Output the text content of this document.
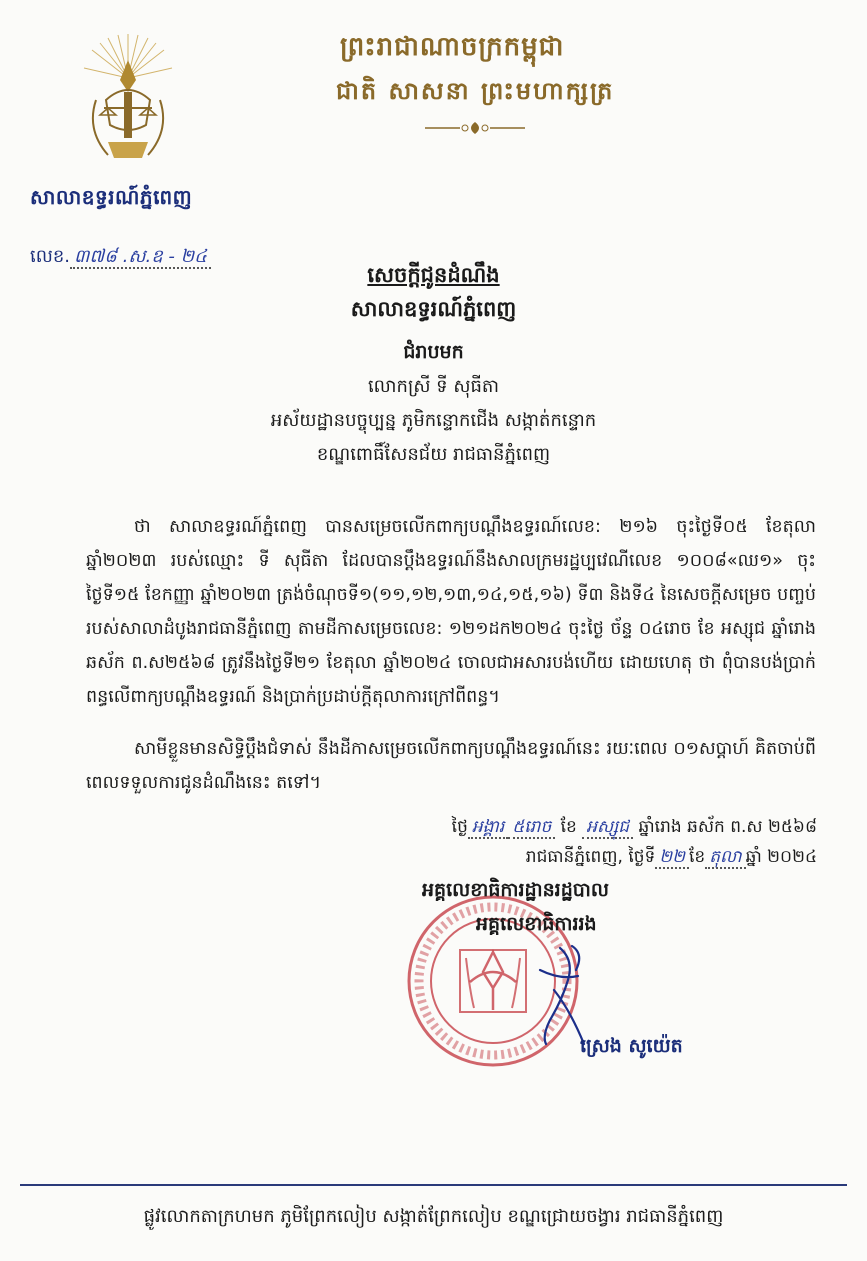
ព្រះរាជាណាចក្រកម្ពុជា
ជាតិ សាសនា ព្រះមហាក្សត្រ
សាលាឧទ្ធរណ៍ភ្នំពេញ
លេខ. ៣៧៨ .ស.ឧ - ២៤
សេចក្ដីជូនដំណឹង
សាលាឧទ្ធរណ៍ភ្នំពេញ
ជំរាបមក
លោកស្រី ទី សុធីតា
អស័យដ្ឋានបច្ចុប្បន្ន ភូមិកន្ទោកជើង សង្កាត់កន្ទោក
ខណ្ឌពោធិ៍សែនជ័យ រាជធានីភ្នំពេញ
ថា សាលាឧទ្ធរណ៍ភ្នំពេញ បានសម្រេចលើកពាក្យបណ្ដឹងឧទ្ធរណ៍លេខ: ២១៦ ចុះថ្ងៃទី០៥ ខែតុលា ឆ្នាំ២០២៣ របស់ឈ្មោះ ទី សុធីតា ដែលបានប្ដឹងឧទ្ធរណ៍នឹងសាលក្រមរដ្ឋប្បវេណីលេខ ១០០៨«ឈ១» ចុះថ្ងៃទី១៥ ខែកញ្ញា ឆ្នាំ២០២៣ ត្រង់ចំណុចទី១(១១,១២,១៣,១៤,១៥,១៦) ទី៣ និងទី៤ នៃសេចក្ដីសម្រេច បញ្ចប់ របស់សាលាដំបូងរាជធានីភ្នំពេញ តាមដីកាសម្រេចលេខ: ១២១ដក២០២៤ ចុះថ្ងៃ ច័ន្ទ ០៤រោច ខែ អស្សុជ ឆ្នាំរោង ឆស័ក ព.ស២៥៦៨ ត្រូវនឹងថ្ងៃទី២១ ខែតុលា ឆ្នាំ២០២៤ ចោលជាអសារបង់ហើយ ដោយហេតុ ថា ពុំបានបង់ប្រាក់ពន្ធលើពាក្យបណ្ដឹងឧទ្ធរណ៍ និងប្រាក់ប្រដាប់ក្ដីតុលាការក្រៅពីពន្ធ។
សាមីខ្លួនមានសិទ្ធិប្ដឹងជំទាស់ នឹងដីកាសម្រេចលើកពាក្យបណ្ដឹងឧទ្ធរណ៍នេះ រយៈពេល ០១សប្ដាហ៍ គិតចាប់ពី ពេលទទួលការជូនដំណឹងនេះ តទៅ។
ថ្ងៃ អង្គារ ៥រោច ខែ អស្សុជ ឆ្នាំរោង ឆស័ក ព.ស ២៥៦៨
រាជធានីភ្នំពេញ, ថ្ងៃទី ២២ ខែ តុលា ឆ្នាំ ២០២៤
អគ្គលេខាធិការដ្ឋានរដ្ឋបាល
អគ្គលេខាធិការរង
ស្រេង សូយ៉េត
ផ្លូវលោកតាក្រហមក ភូមិព្រែកលៀប សង្កាត់ព្រែកលៀប ខណ្ឌជ្រោយចង្វារ រាជធានីភ្នំពេញ
